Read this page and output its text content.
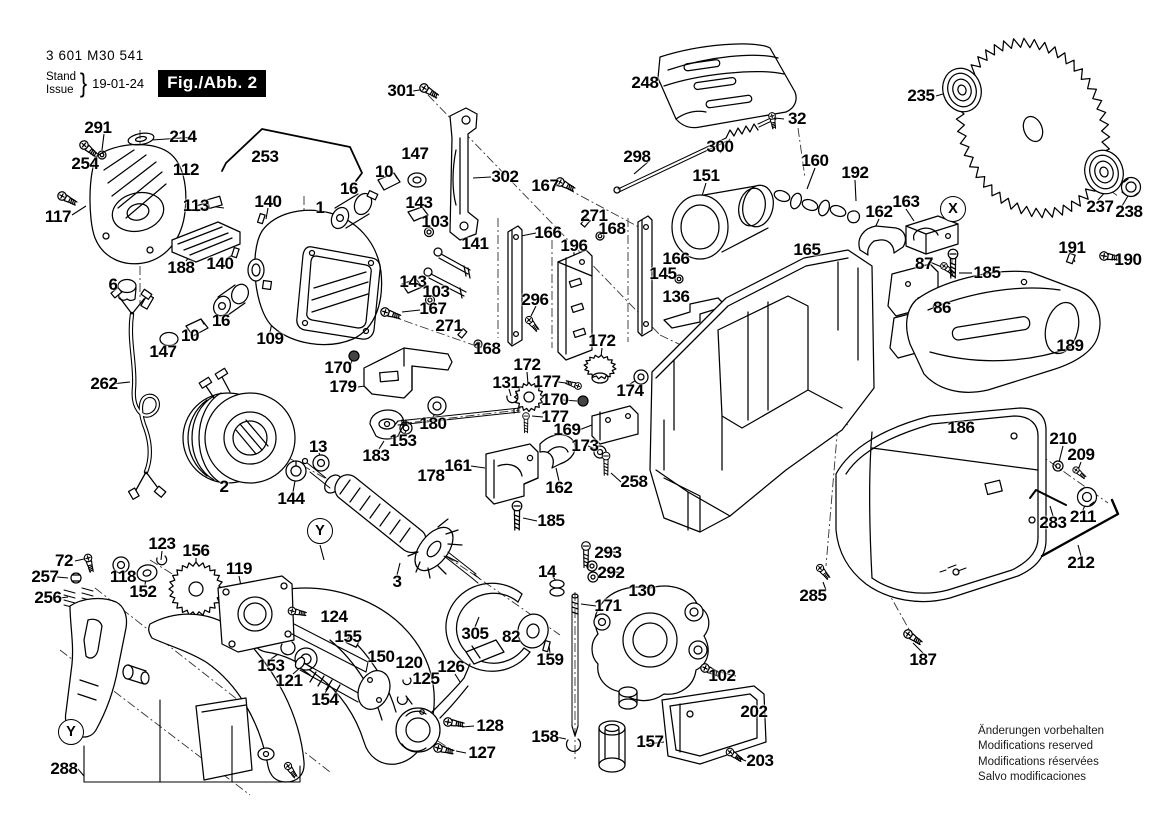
3 601 M30 541
Stand
Issue } 19-01-24	Fig./Abb. 2
291	214
254	112
117
113
253
140 1
188 140
6
16
10
147
109
262
301
147
10
16
143
103
141
302 167
271
168
166
196
143
103	296
167
271
168
298
300
248
32
151
160
192
162
163
235
237 238
165
87 185
86
191
190
189
166
145
136
170
179
180
153
183
178
2
144
13
172
172
131 177
170	174
177
169
173
161
162	258
185
3
293
292
14
171
130
159
102
202
157
158
203
285
186
210
209
283 211
212
187
72
257
256
118
123
152
156
119
153
121
288
124
155
150 120 126
125
154
128
127
305 82
X
Y
Y	Änderungen vorbehalten
Modifications reserved
Modifications réservées
Salvo modificaciones
